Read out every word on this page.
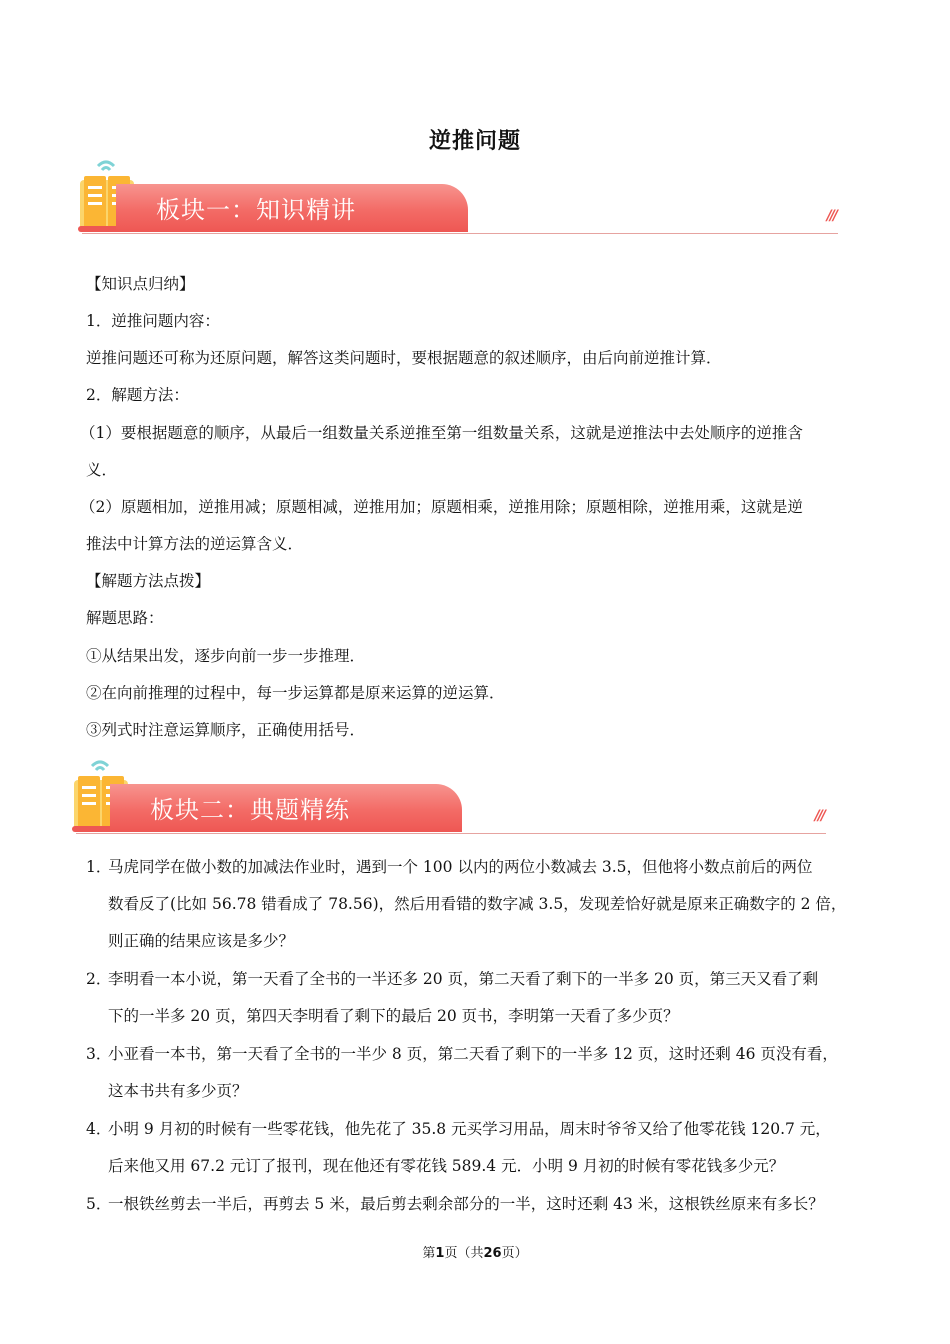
逆推问题
板块一：知识精讲	///

【知识点归纳】

1．逆推问题内容：

逆推问题还可称为还原问题，解答这类问题时，要根据题意的叙述顺序，由后向前逆推计算．

2．解题方法：

（1）要根据题意的顺序，从最后一组数量关系逆推至第一组数量关系，这就是逆推法中去处顺序的逆推含

义．

（2）原题相加，逆推用减；原题相减，逆推用加；原题相乘，逆推用除；原题相除，逆推用乘，这就是逆

推法中计算方法的逆运算含义．

【解题方法点拨】

解题思路：

①从结果出发，逐步向前一步一步推理．

②在向前推理的过程中，每一步运算都是原来运算的逆运算．

③列式时注意运算顺序，正确使用括号．

板块二：典题精练	///
1．
马虎同学在做小数的加减法作业时，遇到一个 100 以内的两位小数减去 3.5，但他将小数点前后的两位
数看反了(比如 56.78 错看成了 78.56)，然后用看错的数字减 3.5，发现差恰好就是原来正确数字的 2 倍，
则正确的结果应该是多少？
2．
李明看一本小说，第一天看了全书的一半还多 20 页，第二天看了剩下的一半多 20 页，第三天又看了剩
下的一半多 20 页，第四天李明看了剩下的最后 20 页书，李明第一天看了多少页？
3．
小亚看一本书，第一天看了全书的一半少 8 页，第二天看了剩下的一半多 12 页，这时还剩 46 页没有看，
这本书共有多少页？
4．
小明 9 月初的时候有一些零花钱，他先花了 35.8 元买学习用品，周末时爷爷又给了他零花钱 120.7 元，
后来他又用 67.2 元订了报刊，现在他还有零花钱 589.4 元．小明 9 月初的时候有零花钱多少元？
5．
一根铁丝剪去一半后，再剪去 5 米，最后剪去剩余部分的一半，这时还剩 43 米，这根铁丝原来有多长？
第1页（共26页）
